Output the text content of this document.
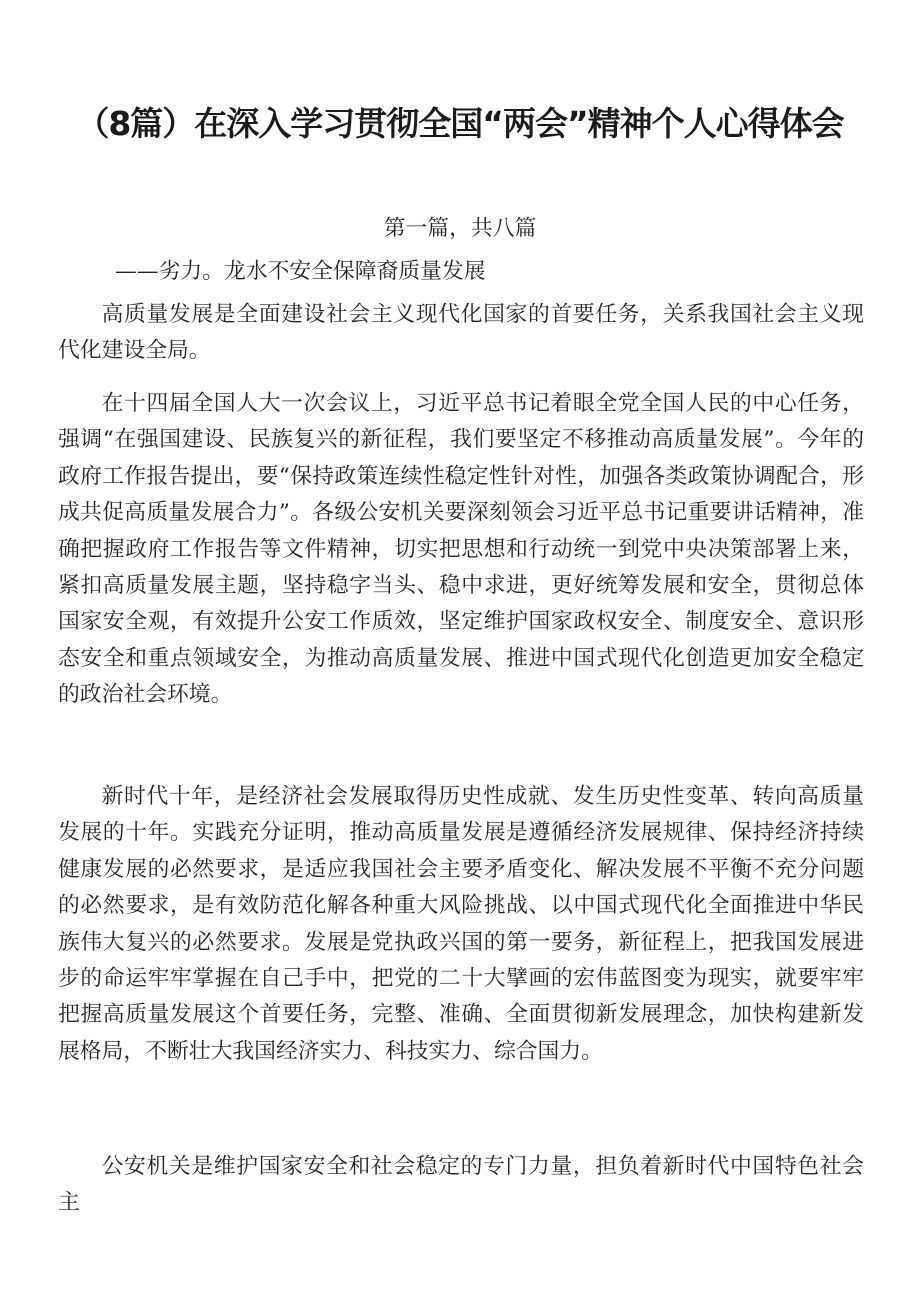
（8篇）在深入学习贯彻全国“两会”精神个人心得体会
第一篇，共八篇
——劣力。龙水不安全保障裔质量发展

高质量发展是全面建设社会主义现代化国家的首要任务，关系我国社会主义现代化建设全局。

在十四届全国人大一次会议上，习近平总书记着眼全党全国人民的中心任务，强调“在强国建设、民族复兴的新征程，我们要坚定不移推动高质量发展”。今年的政府工作报告提出，要“保持政策连续性稳定性针对性，加强各类政策协调配合，形成共促高质量发展合力”。各级公安机关要深刻领会习近平总书记重要讲话精神，准确把握政府工作报告等文件精神，切实把思想和行动统一到党中央决策部署上来，紧扣高质量发展主题，坚持稳字当头、稳中求进，更好统筹发展和安全，贯彻总体国家安全观，有效提升公安工作质效，坚定维护国家政权安全、制度安全、意识形态安全和重点领域安全，为推动高质量发展、推进中国式现代化创造更加安全稳定的政治社会环境。

新时代十年，是经济社会发展取得历史性成就、发生历史性变革、转向高质量发展的十年。实践充分证明，推动高质量发展是遵循经济发展规律、保持经济持续健康发展的必然要求，是适应我国社会主要矛盾变化、解决发展不平衡不充分问题的必然要求，是有效防范化解各种重大风险挑战、以中国式现代化全面推进中华民族伟大复兴的必然要求。发展是党执政兴国的第一要务，新征程上，把我国发展进步的命运牢牢掌握在自己手中，把党的二十大擘画的宏伟蓝图变为现实，就要牢牢把握高质量发展这个首要任务，完整、准确、全面贯彻新发展理念，加快构建新发展格局，不断壮大我国经济实力、科技实力、综合国力。

公安机关是维护国家安全和社会稳定的专门力量，担负着新时代中国特色社会主
